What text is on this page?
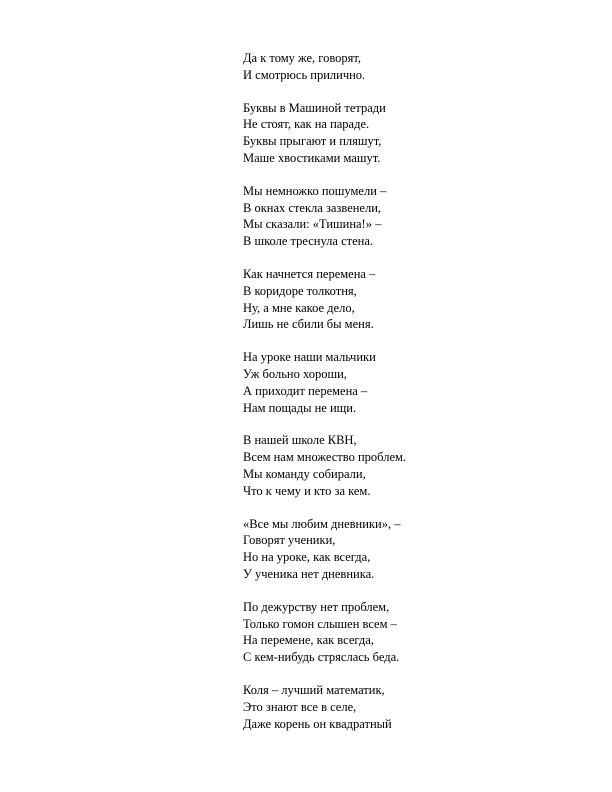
Да к тому же, говорят,
И смотрюсь прилично.
Буквы в Машиной тетради
Не стоят, как на параде.
Буквы прыгают и пляшут,
Маше хвостиками машут.
Мы немножко пошумели –
В окнах стекла зазвенели,
Мы сказали: «Тишина!» –
В школе треснула стена.
Как начнется перемена –
В коридоре толкотня,
Ну, а мне какое дело,
Лишь не сбили бы меня.
На уроке наши мальчики
Уж больно хороши,
А приходит перемена –
Нам пощады не ищи.
В нашей школе КВН,
Всем нам множество проблем.
Мы команду собирали,
Что к чему и кто за кем.
«Все мы любим дневники», –
Говорят ученики,
Но на уроке, как всегда,
У ученика нет дневника.
По дежурству нет проблем,
Только гомон слышен всем –
На перемене, как всегда,
С кем-нибудь стряслась беда.
Коля – лучший математик,
Это знают все в селе,
Даже корень он квадратный
